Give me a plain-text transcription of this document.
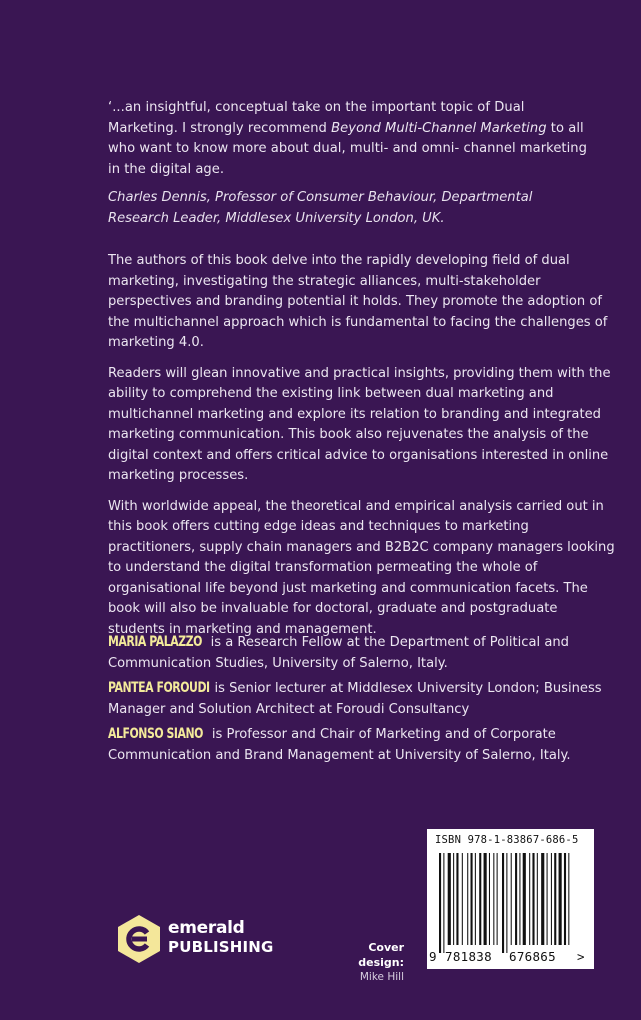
‘...an insightful, conceptual take on the important topic of Dual Marketing. I strongly recommend Beyond Multi-Channel Marketing to all who want to know more about dual, multi- and omni- channel marketing in the digital age.

Charles Dennis, Professor of Consumer Behaviour, Departmental Research Leader, Middlesex University London, UK.

The authors of this book delve into the rapidly developing field of dual marketing, investigating the strategic alliances, multi-stakeholder perspectives and branding potential it holds. They promote the adoption of the multichannel approach which is fundamental to facing the challenges of marketing 4.0.

Readers will glean innovative and practical insights, providing them with the ability to comprehend the existing link between dual marketing and multichannel marketing and explore its relation to branding and integrated marketing communication. This book also rejuvenates the analysis of the digital context and offers critical advice to organisations interested in online marketing processes.

With worldwide appeal, the theoretical and empirical analysis carried out in this book offers cutting edge ideas and techniques to marketing practitioners, supply chain managers and B2B2C company managers looking to understand the digital transformation permeating the whole of organisational life beyond just marketing and communication facets. The book will also be invaluable for doctoral, graduate and postgraduate students in marketing and management.

MARIA PALAZZO is a Research Fellow at the Department of Political and Communication Studies, University of Salerno, Italy.

PANTEA FOROUDI is Senior lecturer at Middlesex University London; Business Manager and Solution Architect at Foroudi Consultancy

ALFONSO SIANO is Professor and Chair of Marketing and of Corporate Communication and Brand Management at University of Salerno, Italy.

emerald
PUBLISHING	Cover design:
Mike Hill
ISBN 978-1-83867-686-5
9 781838 676865 >
